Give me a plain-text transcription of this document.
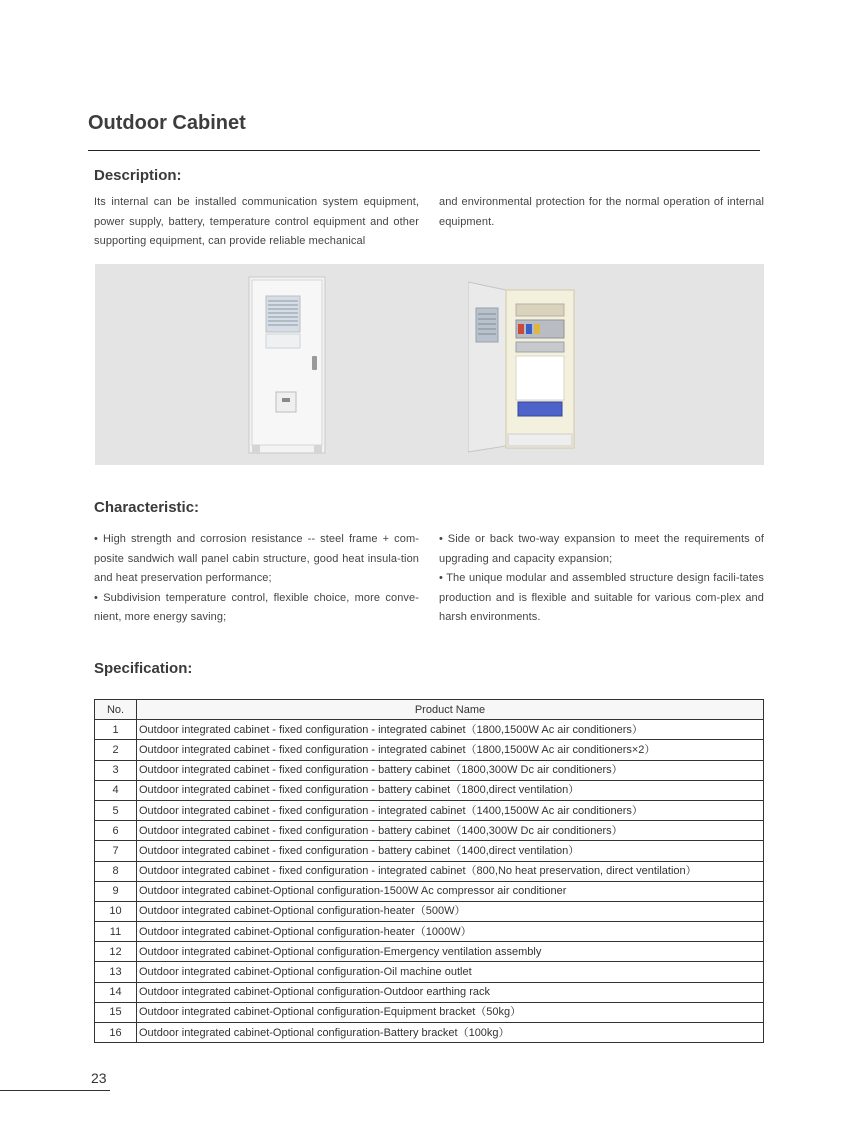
Outdoor Cabinet
Description:

Its internal can be installed communication system equipment, power supply, battery, temperature control equipment and other supporting equipment, can provide reliable mechanical

and environmental protection for the normal operation of internal equipment.

Characteristic:
• High strength and corrosion resistance -- steel frame + com-posite sandwich wall panel cabin structure, good heat insula-tion and heat preservation performance;
• Subdivision temperature control, flexible choice, more conve-nient, more energy saving;
• Side or back two-way expansion to meet the requirements of upgrading and capacity expansion;
• The unique modular and assembled structure design facili-tates production and is flexible and suitable for various com-plex and harsh environments.
Specification:
No.	Product Name
1	Outdoor integrated cabinet - fixed configuration - integrated cabinet（1800,1500W Ac air conditioners）
2	Outdoor integrated cabinet - fixed configuration - integrated cabinet（1800,1500W Ac air conditioners×2）
3	Outdoor integrated cabinet - fixed configuration - battery cabinet（1800,300W Dc air conditioners）
4	Outdoor integrated cabinet - fixed configuration - battery cabinet（1800,direct ventilation）
5	Outdoor integrated cabinet - fixed configuration - integrated cabinet（1400,1500W Ac air conditioners）
6	Outdoor integrated cabinet - fixed configuration - battery cabinet（1400,300W Dc air conditioners）
7	Outdoor integrated cabinet - fixed configuration - battery cabinet（1400,direct ventilation）
8	Outdoor integrated cabinet - fixed configuration - integrated cabinet（800,No heat preservation, direct ventilation）
9	Outdoor integrated cabinet-Optional configuration-1500W Ac compressor air conditioner
10	Outdoor integrated cabinet-Optional configuration-heater（500W）
11	Outdoor integrated cabinet-Optional configuration-heater（1000W）
12	Outdoor integrated cabinet-Optional configuration-Emergency ventilation assembly
13	Outdoor integrated cabinet-Optional configuration-Oil machine outlet
14	Outdoor integrated cabinet-Optional configuration-Outdoor earthing rack
15	Outdoor integrated cabinet-Optional configuration-Equipment bracket（50kg）
16	Outdoor integrated cabinet-Optional configuration-Battery bracket（100kg）
23
